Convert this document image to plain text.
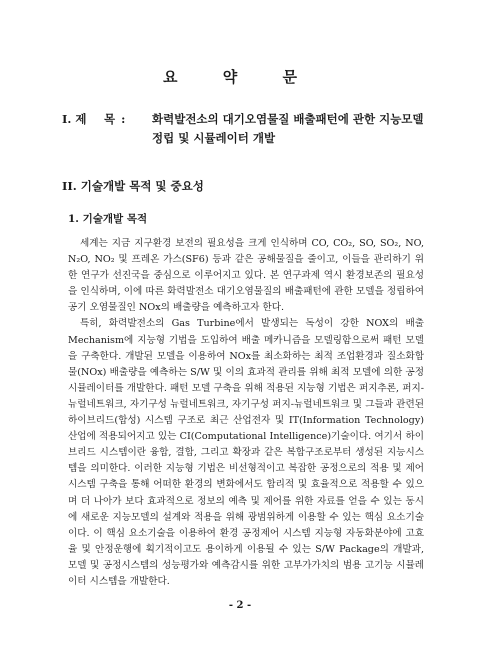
요 약 문
I. 제 목: 화력발전소의 대기오염물질 배출패턴에 관한 지능모델
정립 및 시뮬레이터 개발
II. 기술개발 목적 및 중요성
1. 기술개발 목적

세계는 지금 지구환경 보전의 필요성을 크게 인식하며 CO, CO₂, SO, SO₂, NO, N₂O, NO₂ 및 프레온 가스(SF6) 등과 같은 공해물질을 줄이고, 이들을 관리하기 위한 연구가 선진국을 중심으로 이루어지고 있다. 본 연구과제 역시 환경보존의 필요성을 인식하며, 이에 따른 화력발전소 대기오염물질의 배출패턴에 관한 모델을 정립하여 공기 오염물질인 NOx의 배출량을 예측하고자 한다.

특히, 화력발전소의 Gas Turbine에서 발생되는 독성이 강한 NOX의 배출 Mechanism에 지능형 기법을 도입하여 배출 메카니즘을 모델링함으로써 패턴 모델을 구축한다. 개발된 모델을 이용하여 NOx를 최소화하는 최적 조업환경과 질소화합물(NOx) 배출량을 예측하는 S/W 및 이의 효과적 관리를 위해 최적 모델에 의한 공정 시뮬레이터를 개발한다. 패턴 모델 구축을 위해 적용된 지능형 기법은 퍼지추론, 퍼지-뉴럴네트워크, 자기구성 뉴럴네트워크, 자기구성 퍼지-뉴럴네트워크 및 그들과 관련된 하이브리드(합성) 시스템 구조로 최근 산업전자 및 IT(Information Technology) 산업에 적용되어지고 있는 CI(Computational Intelligence)기술이다. 여기서 하이브리드 시스템이란 융합, 결합, 그리고 확장과 같은 복합구조로부터 생성된 지능시스템을 의미한다. 이러한 지능형 기법은 비선형적이고 복잡한 공정으로의 적용 및 제어시스템 구축을 통해 어떠한 환경의 변화에서도 합리적 및 효율적으로 적용할 수 있으며 더 나아가 보다 효과적으로 정보의 예측 및 제어를 위한 자료를 얻을 수 있는 동시에 새로운 지능모델의 설계와 적용을 위해 광범위하게 이용할 수 있는 핵심 요소기술이다. 이 핵심 요소기술을 이용하여 환경 공정제어 시스템 지능형 자동화분야에 고효율 및 안정운행에 획기적이고도 용이하게 이용될 수 있는 S/W Package의 개발과, 모델 및 공정시스템의 성능평가와 예측감시를 위한 고부가가치의 범용 고기능 시뮬레이터 시스템을 개발한다.

- 2 -
